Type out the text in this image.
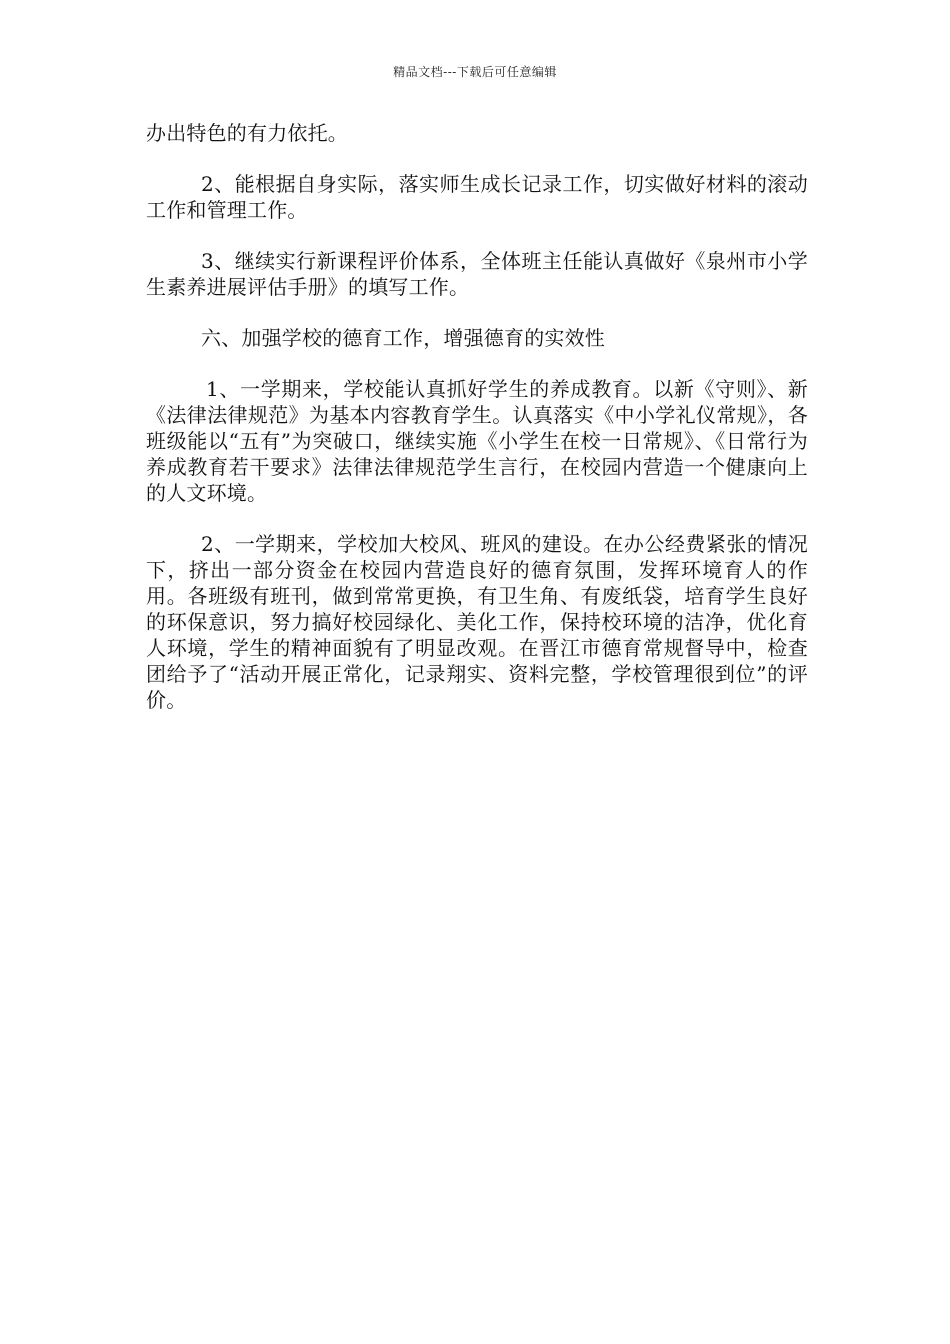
精品文档---下载后可任意编辑

办出特色的有力依托。

2、能根据自身实际，落实师生成长记录工作，切实做好材料的滚动工作和管理工作。

3、继续实行新课程评价体系，全体班主任能认真做好《泉州市小学生素养进展评估手册》的填写工作。

六、加强学校的德育工作，增强德育的实效性

1、一学期来，学校能认真抓好学生的养成教育。以新《守则》、新《法律法律规范》为基本内容教育学生。认真落实《中小学礼仪常规》，各班级能以“五有”为突破口，继续实施《小学生在校一日常规》、《日常行为养成教育若干要求》法律法律规范学生言行，在校园内营造一个健康向上的人文环境。

2、一学期来，学校加大校风、班风的建设。在办公经费紧张的情况下，挤出一部分资金在校园内营造良好的德育氛围，发挥环境育人的作用。各班级有班刊，做到常常更换，有卫生角、有废纸袋，培育学生良好的环保意识，努力搞好校园绿化、美化工作，保持校环境的洁净，优化育人环境，学生的精神面貌有了明显改观。在晋江市德育常规督导中，检查团给予了“活动开展正常化，记录翔实、资料完整，学校管理很到位”的评价。
